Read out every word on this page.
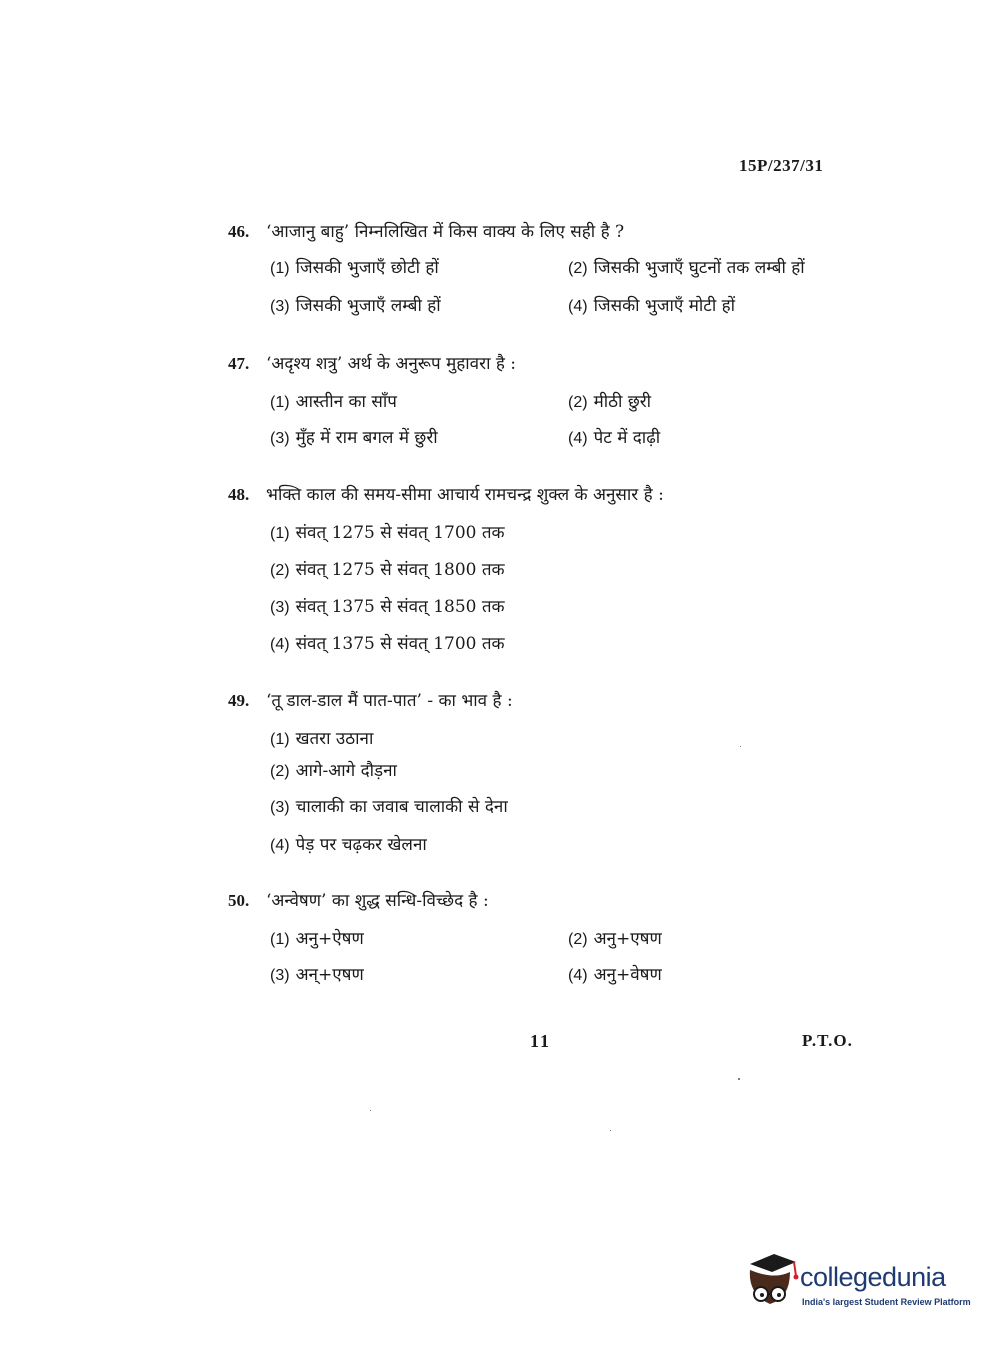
15P/237/31
46. ‘आजानु बाहु’ निम्नलिखित में किस वाक्य के लिए सही है ?
(1) जिसकी भुजाएँ छोटी हों	(2) जिसकी भुजाएँ घुटनों तक लम्बी हों
(3) जिसकी भुजाएँ लम्बी हों	(4) जिसकी भुजाएँ मोटी हों
47. ‘अदृश्य शत्रु’ अर्थ के अनुरूप मुहावरा है :
(1) आस्तीन का साँप	(2) मीठी छुरी
(3) मुँह में राम बगल में छुरी	(4) पेट में दाढ़ी
48. भक्ति काल की समय-सीमा आचार्य रामचन्द्र शुक्ल के अनुसार है :
(1) संवत् 1275 से संवत् 1700 तक
(2) संवत् 1275 से संवत् 1800 तक
(3) संवत् 1375 से संवत् 1850 तक
(4) संवत् 1375 से संवत् 1700 तक
49. ‘तू डाल-डाल मैं पात-पात’ - का भाव है :
(1) खतरा उठाना
(2) आगे-आगे दौड़ना
(3) चालाकी का जवाब चालाकी से देना
(4) पेड़ पर चढ़कर खेलना
50. ‘अन्वेषण’ का शुद्ध सन्धि-विच्छेद है :
(1) अनु+ऐषण	(2) अनु+एषण
(3) अन्+एषण	(4) अनु+वेषण
11	P.T.O.
collegedunia
India's largest Student Review Platform
